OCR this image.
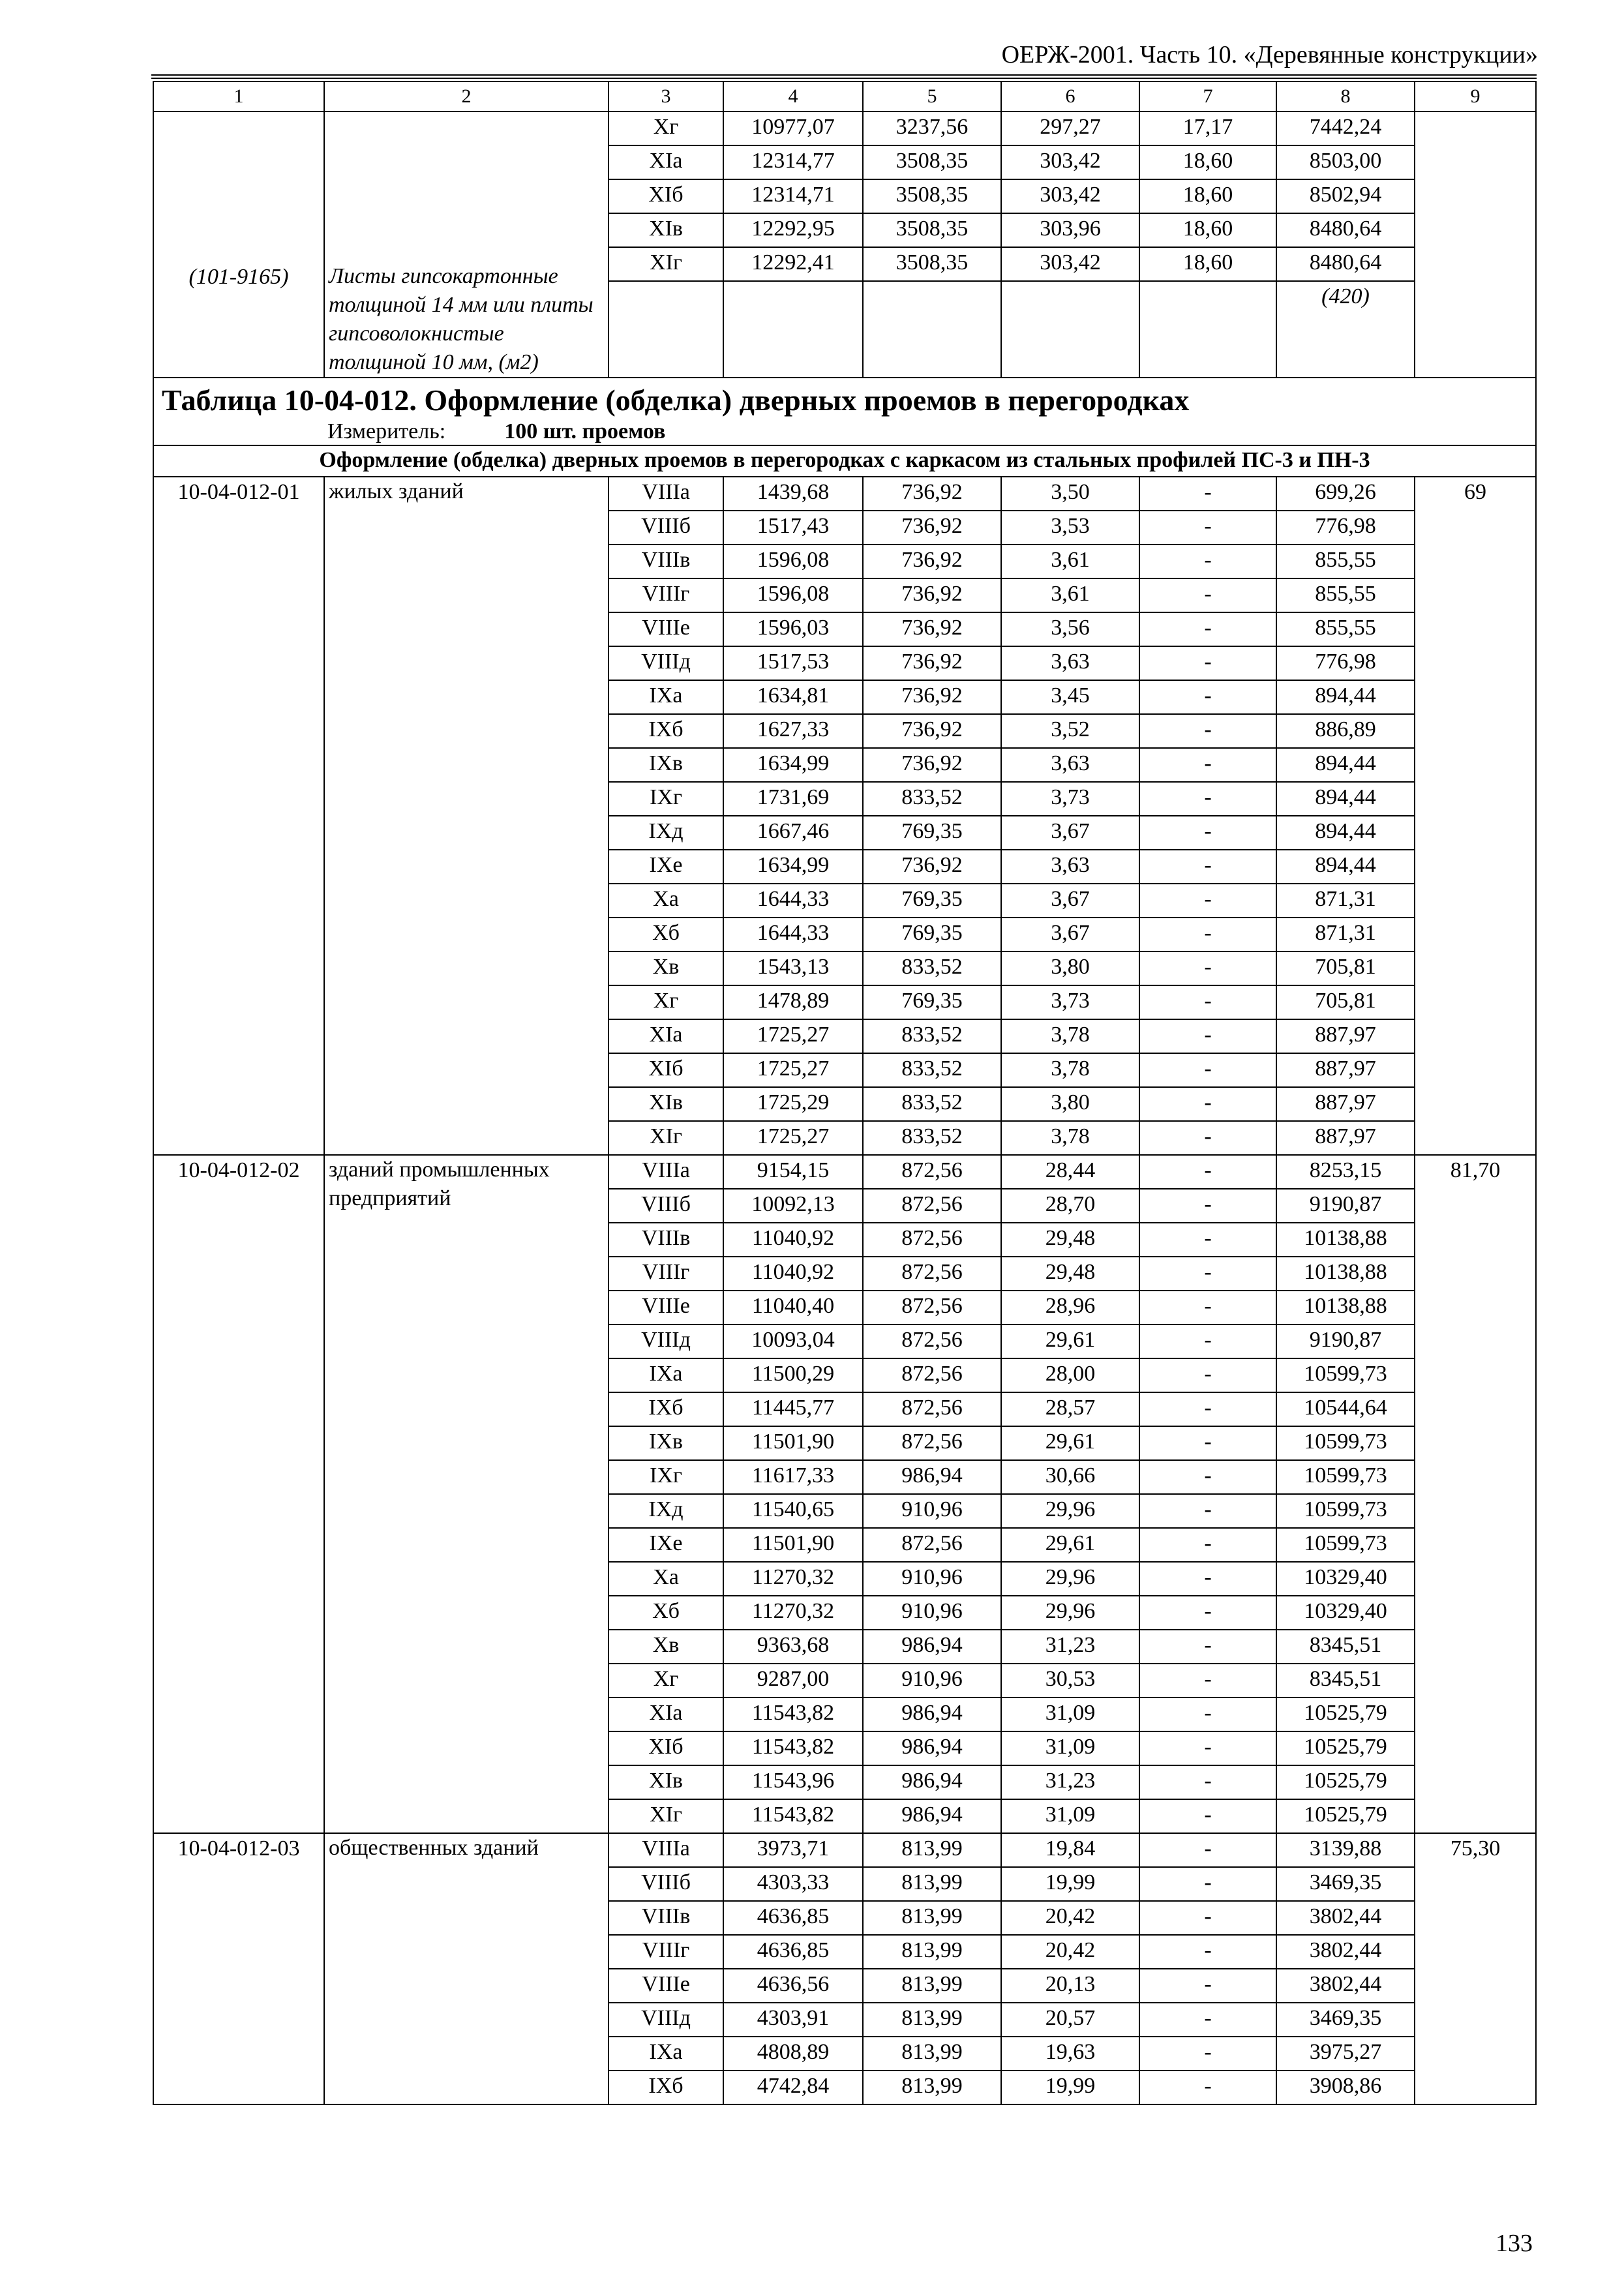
ОЕРЖ-2001. Часть 10. «Деревянные конструкции»
1	2	3	4	5	6	7	8	9
(101-9165)	Листы гипсокартонные толщиной 14 мм или плиты гипсоволокнистые толщиной 10 мм, (м2)	Xг	10977,07	3237,56	297,27	17,17	7442,24	
		XIа	12314,77	3508,35	303,42	18,60	8503,00	
		XIб	12314,71	3508,35	303,42	18,60	8502,94	
		XIв	12292,95	3508,35	303,96	18,60	8480,64	
		XIг	12292,41	3508,35	303,42	18,60	8480,64	
							(420)	

Таблица 10-04-012. Оформление (обделка) дверных проемов в перегородках
Измеритель: 100 шт. проемов								

Оформление (обделка) дверных проемов в перегородках с каркасом из стальных профилей ПС-3 и ПН-3								
10-04-012-01	жилых зданий	VIIIа	1439,68	736,92	3,50	-	699,26	69
		VIIIб	1517,43	736,92	3,53	-	776,98	
		VIIIв	1596,08	736,92	3,61	-	855,55	
		VIIIг	1596,08	736,92	3,61	-	855,55	
		VIIIе	1596,03	736,92	3,56	-	855,55	
		VIIIд	1517,53	736,92	3,63	-	776,98	
		IXа	1634,81	736,92	3,45	-	894,44	
		IXб	1627,33	736,92	3,52	-	886,89	
		IXв	1634,99	736,92	3,63	-	894,44	
		IXг	1731,69	833,52	3,73	-	894,44	
		IXд	1667,46	769,35	3,67	-	894,44	
		IXе	1634,99	736,92	3,63	-	894,44	
		Xа	1644,33	769,35	3,67	-	871,31	
		Xб	1644,33	769,35	3,67	-	871,31	
		Xв	1543,13	833,52	3,80	-	705,81	
		Xг	1478,89	769,35	3,73	-	705,81	
		XIа	1725,27	833,52	3,78	-	887,97	
		XIб	1725,27	833,52	3,78	-	887,97	
		XIв	1725,29	833,52	3,80	-	887,97	
		XIг	1725,27	833,52	3,78	-	887,97	
10-04-012-02	зданий промышленных предприятий	VIIIа	9154,15	872,56	28,44	-	8253,15	81,70
		VIIIб	10092,13	872,56	28,70	-	9190,87	
		VIIIв	11040,92	872,56	29,48	-	10138,88	
		VIIIг	11040,92	872,56	29,48	-	10138,88	
		VIIIе	11040,40	872,56	28,96	-	10138,88	
		VIIIд	10093,04	872,56	29,61	-	9190,87	
		IXа	11500,29	872,56	28,00	-	10599,73	
		IXб	11445,77	872,56	28,57	-	10544,64	
		IXв	11501,90	872,56	29,61	-	10599,73	
		IXг	11617,33	986,94	30,66	-	10599,73	
		IXд	11540,65	910,96	29,96	-	10599,73	
		IXе	11501,90	872,56	29,61	-	10599,73	
		Xа	11270,32	910,96	29,96	-	10329,40	
		Xб	11270,32	910,96	29,96	-	10329,40	
		Xв	9363,68	986,94	31,23	-	8345,51	
		Xг	9287,00	910,96	30,53	-	8345,51	
		XIа	11543,82	986,94	31,09	-	10525,79	
		XIб	11543,82	986,94	31,09	-	10525,79	
		XIв	11543,96	986,94	31,23	-	10525,79	
		XIг	11543,82	986,94	31,09	-	10525,79	
10-04-012-03	общественных зданий	VIIIа	3973,71	813,99	19,84	-	3139,88	75,30
		VIIIб	4303,33	813,99	19,99	-	3469,35	
		VIIIв	4636,85	813,99	20,42	-	3802,44	
		VIIIг	4636,85	813,99	20,42	-	3802,44	
		VIIIе	4636,56	813,99	20,13	-	3802,44	
		VIIIд	4303,91	813,99	20,57	-	3469,35	
		IXа	4808,89	813,99	19,63	-	3975,27	
		IXб	4742,84	813,99	19,99	-	3908,86	
133
